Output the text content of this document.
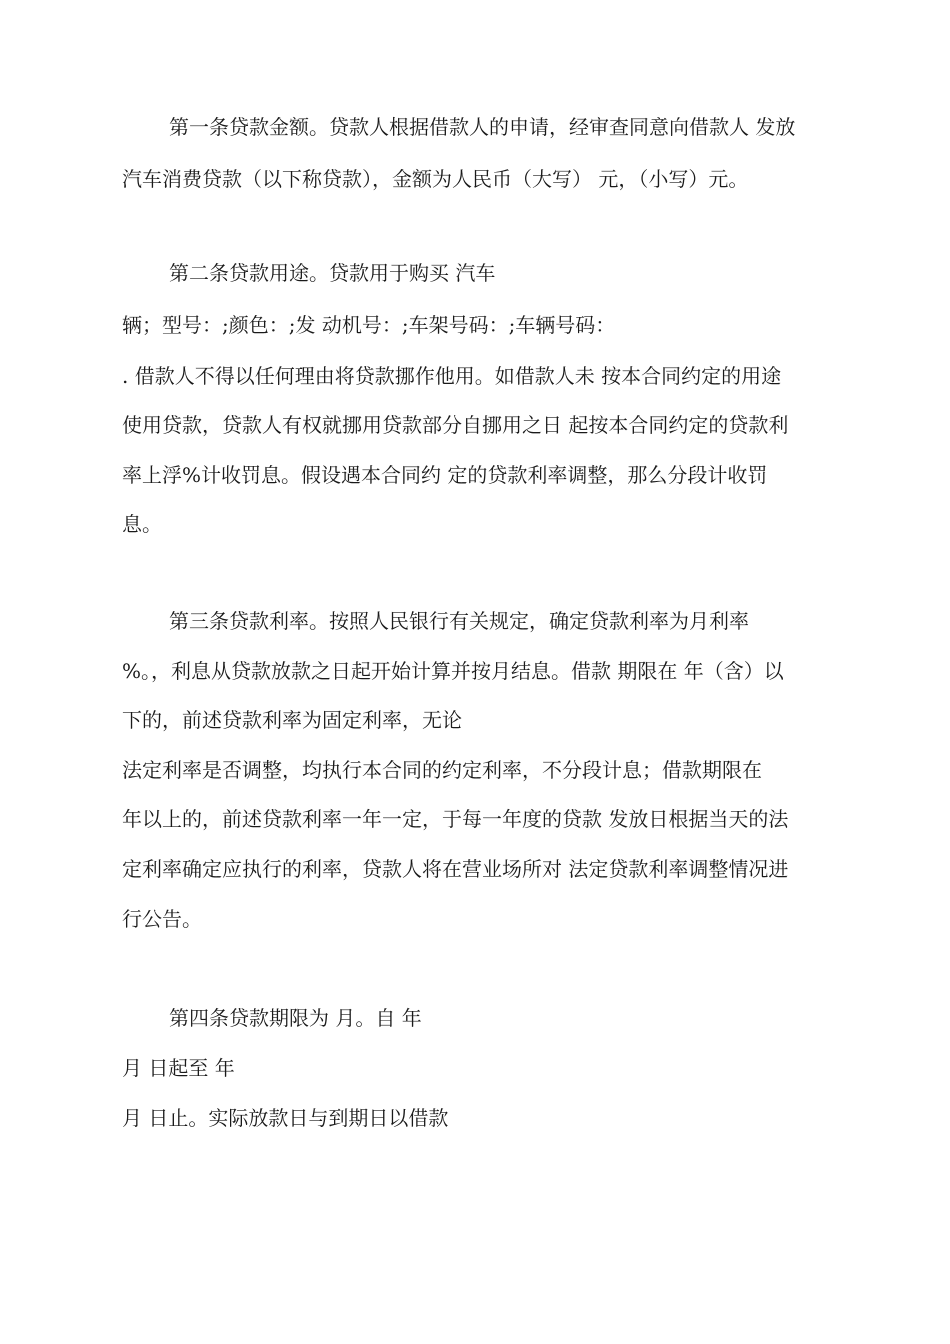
第一条贷款金额。贷款人根据借款人的申请，经审查同意向借款人 发放
汽车消费贷款（以下称贷款），金额为人民币（大写） 元，（小写）元。
第二条贷款用途。贷款用于购买 汽车
辆；型号：;颜色：;发 动机号：;车架号码：;车辆号码：
. 借款人不得以任何理由将贷款挪作他用。如借款人未 按本合同约定的用途
使用贷款，贷款人有权就挪用贷款部分自挪用之日 起按本合同约定的贷款利
率上浮%计收罚息。假设遇本合同约 定的贷款利率调整，那么分段计收罚
息。
第三条贷款利率。按照人民银行有关规定，确定贷款利率为月利率
%。，利息从贷款放款之日起开始计算并按月结息。借款 期限在 年（含）以
下的，前述贷款利率为固定利率，无论
法定利率是否调整，均执行本合同的约定利率，不分段计息；借款期限在
年以上的，前述贷款利率一年一定，于每一年度的贷款 发放日根据当天的法
定利率确定应执行的利率，贷款人将在营业场所对 法定贷款利率调整情况进
行公告。
第四条贷款期限为 月。自 年
月 日起至 年
月 日止。实际放款日与到期日以借款
